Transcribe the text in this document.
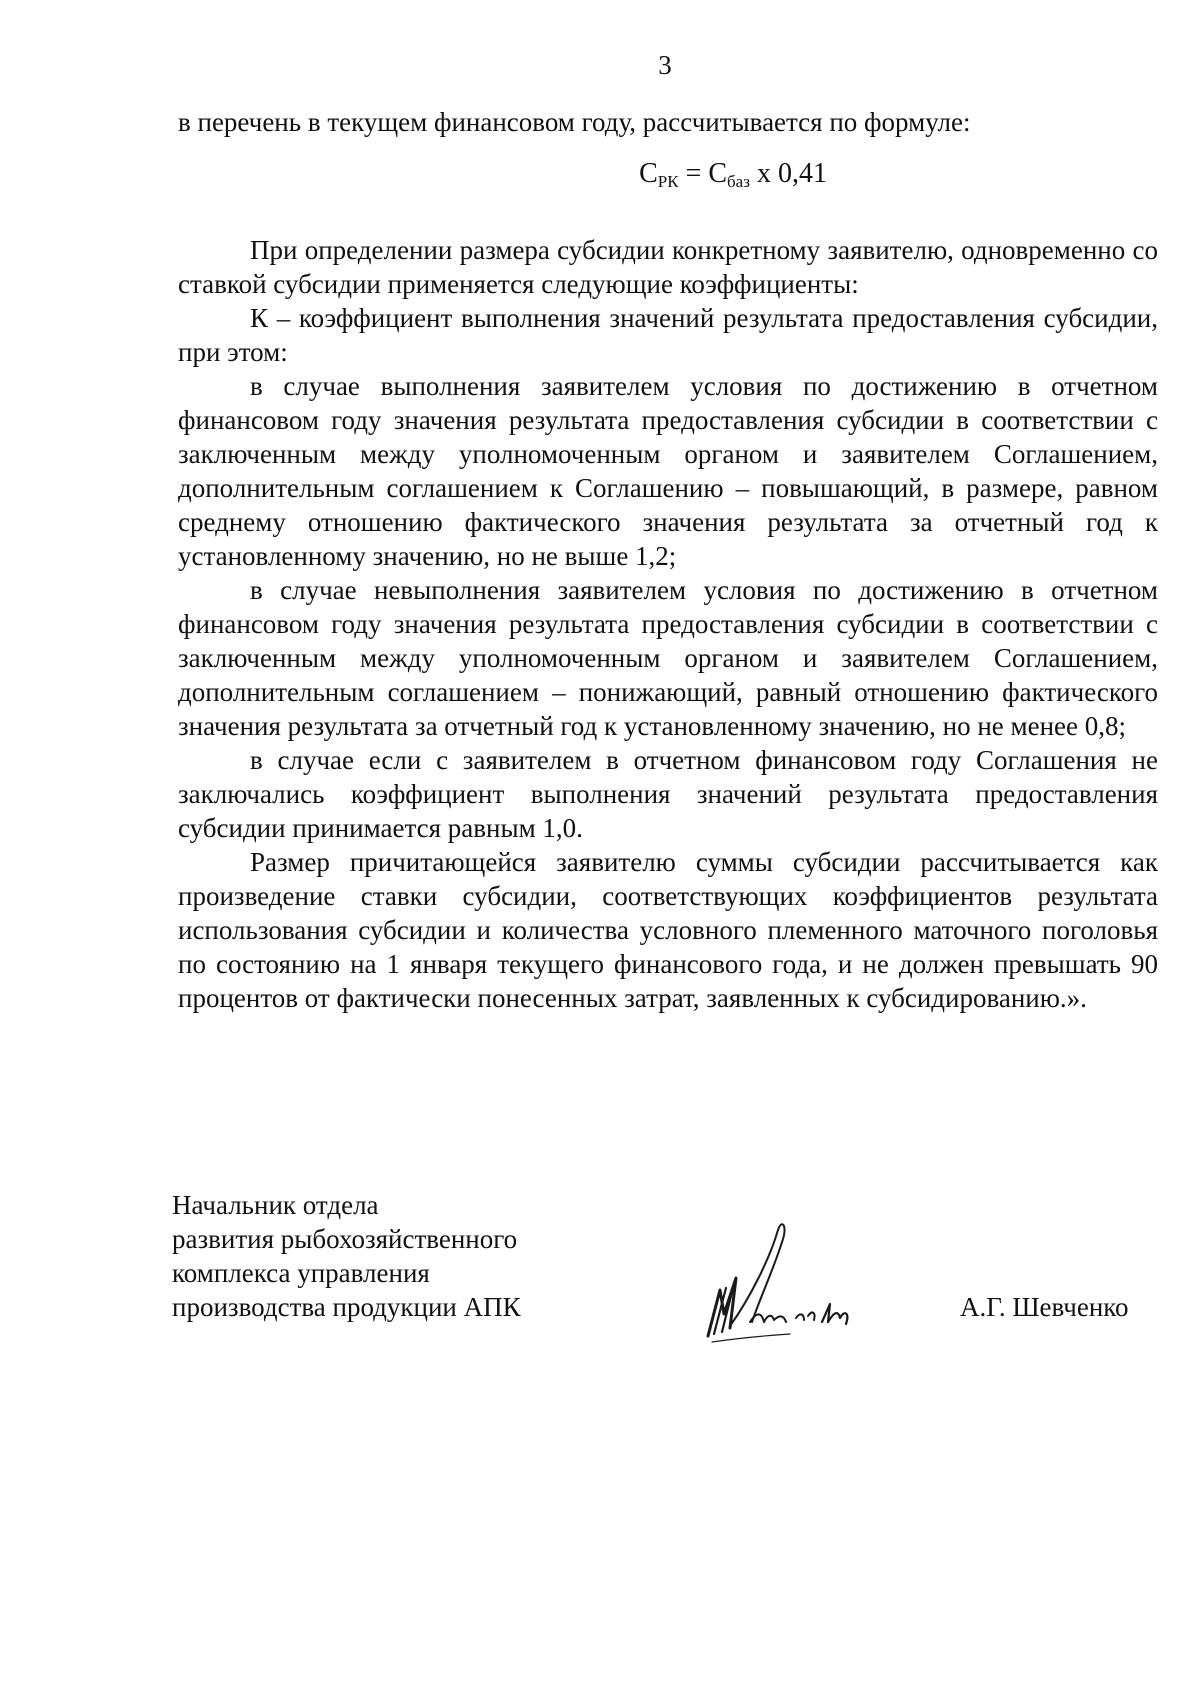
3

в перечень в текущем финансовом году, рассчитывается по формуле:

$С_{РК} = С_{баз}$ х 0,41

При определении размера субсидии конкретному заявителю, одновременно со ставкой субсидии применяется следующие коэффициенты:

К – коэффициент выполнения значений результата предоставления субсидии, при этом:

в случае выполнения заявителем условия по достижению в отчетном финансовом году значения результата предоставления субсидии в соответствии с заключенным между уполномоченным органом и заявителем Соглашением, дополнительным соглашением к Соглашению – повышающий, в размере, равном среднему отношению фактического значения результата за отчетный год к установленному значению, но не выше 1,2;

в случае невыполнения заявителем условия по достижению в отчетном финансовом году значения результата предоставления субсидии в соответствии с заключенным между уполномоченным органом и заявителем Соглашением, дополнительным соглашением – понижающий, равный отношению фактического значения результата за отчетный год к установленному значению, но не менее 0,8;

в случае если с заявителем в отчетном финансовом году Соглашения не заключались коэффициент выполнения значений результата предоставления субсидии принимается равным 1,0.

Размер причитающейся заявителю суммы субсидии рассчитывается как произведение ставки субсидии, соответствующих коэффициентов результата использования субсидии и количества условного племенного маточного поголовья по состоянию на 1 января текущего финансового года, и не должен превышать 90 процентов от фактически понесенных затрат, заявленных к субсидированию.».

Начальник отдела
развития рыбохозяйственного
комплекса управления
производства продукции АПК	А.Г. Шевченко
